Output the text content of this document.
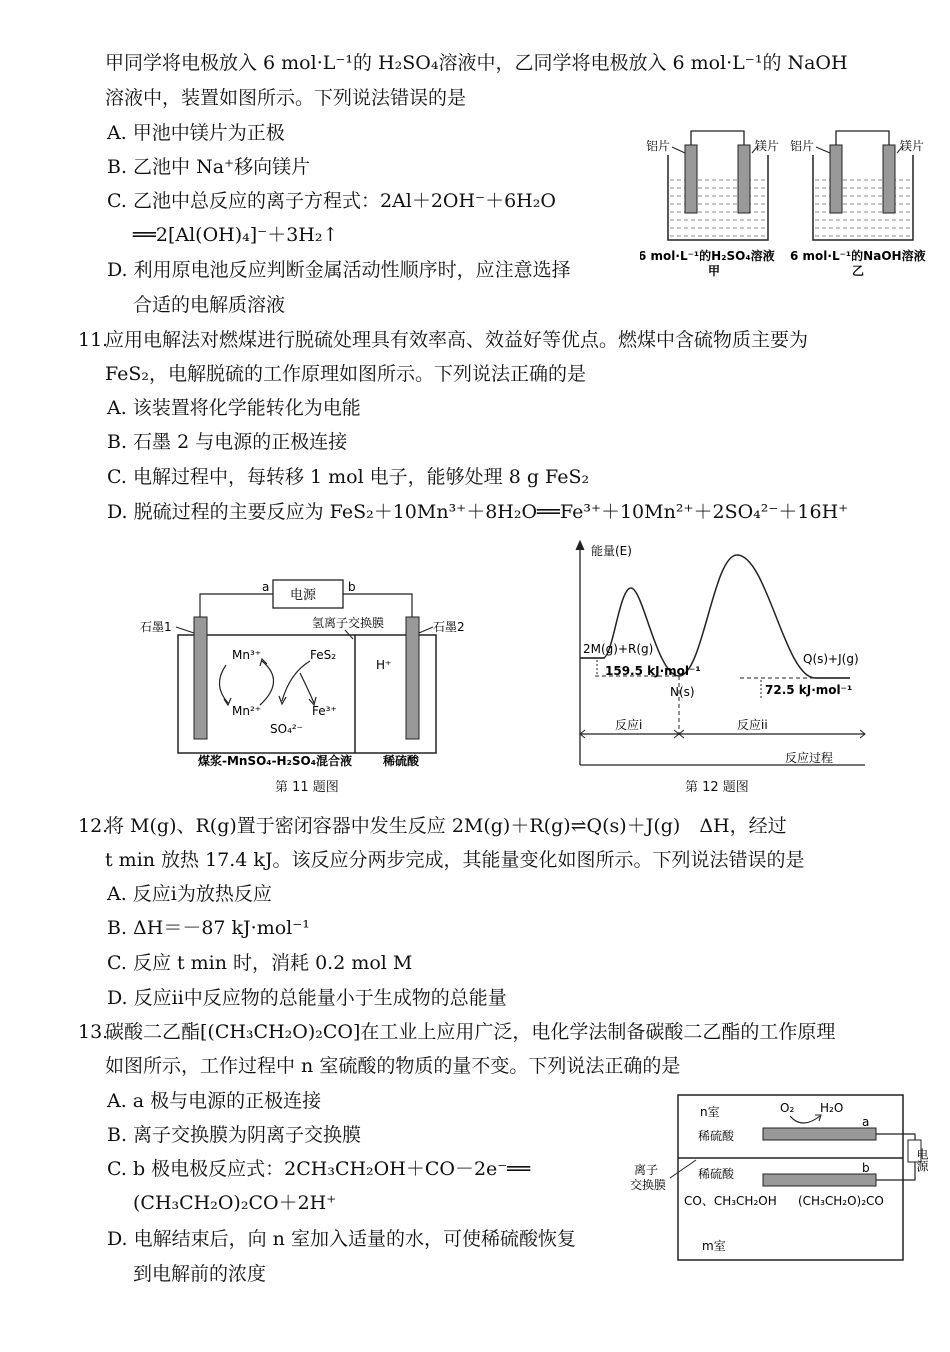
甲同学将电极放入 6 mol·L⁻¹的 H₂SO₄溶液中，乙同学将电极放入 6 mol·L⁻¹的 NaOH
溶液中，装置如图所示。下列说法错误的是
A. 甲池中镁片为正极
B. 乙池中 Na⁺移向镁片
C. 乙池中总反应的离子方程式：2Al＋2OH⁻＋6H₂O
══2[Al(OH)₄]⁻＋3H₂↑
D. 利用原电池反应判断金属活动性顺序时，应注意选择
合适的电解质溶液
铝片	镁片
6 mol·L⁻¹的H₂SO₄溶液
甲
铝片	镁片
6 mol·L⁻¹的NaOH溶液
乙
11.
应用电解法对燃煤进行脱硫处理具有效率高、效益好等优点。燃煤中含硫物质主要为
FeS₂，电解脱硫的工作原理如图所示。下列说法正确的是
A. 该装置将化学能转化为电能
B. 石墨 2 与电源的正极连接
C. 电解过程中，每转移 1 mol 电子，能够处理 8 g FeS₂
D. 脱硫过程的主要反应为 FeS₂＋10Mn³⁺＋8H₂O══Fe³⁺＋10Mn²⁺＋2SO₄²⁻＋16H⁺
电源
a	b
石墨1	石墨2
氢离子交换膜
Mn³⁺	FeS₂
Mn²⁺
SO₄²⁻
Fe³⁺
H⁺
煤浆-MnSO₄-H₂SO₄混合液	稀硫酸
第 11 题图
能量(E)
反应过程
2M(g)+R(g)
N(s)
Q(s)+J(g)
159.5 kJ·mol⁻¹
72.5 kJ·mol⁻¹
反应i	反应ii
第 12 题图
12.
将 M(g)、R(g)置于密闭容器中发生反应 2M(g)＋R(g)⇌Q(s)＋J(g)　ΔH，经过
t min 放热 17.4 kJ。该反应分两步完成，其能量变化如图所示。下列说法错误的是
A. 反应ⅰ为放热反应
B. ΔH＝－87 kJ·mol⁻¹
C. 反应 t min 时，消耗 0.2 mol M
D. 反应ⅱ中反应物的总能量小于生成物的总能量
13.
碳酸二乙酯[(CH₃CH₂O)₂CO]在工业上应用广泛，电化学法制备碳酸二乙酯的工作原理
如图所示，工作过程中 n 室硫酸的物质的量不变。下列说法正确的是
A. a 极与电源的正极连接
B. 离子交换膜为阴离子交换膜
C. b 极电极反应式：2CH₃CH₂OH＋CO－2e⁻══
(CH₃CH₂O)₂CO＋2H⁺
D. 电解结束后，向 n 室加入适量的水，可使稀硫酸恢复
到电解前的浓度
n室	O₂ H₂O
稀硫酸
a
电源
稀硫酸	b
离子
交换膜
CO、CH₃CH₂OH (CH₃CH₂O)₂CO
m室
